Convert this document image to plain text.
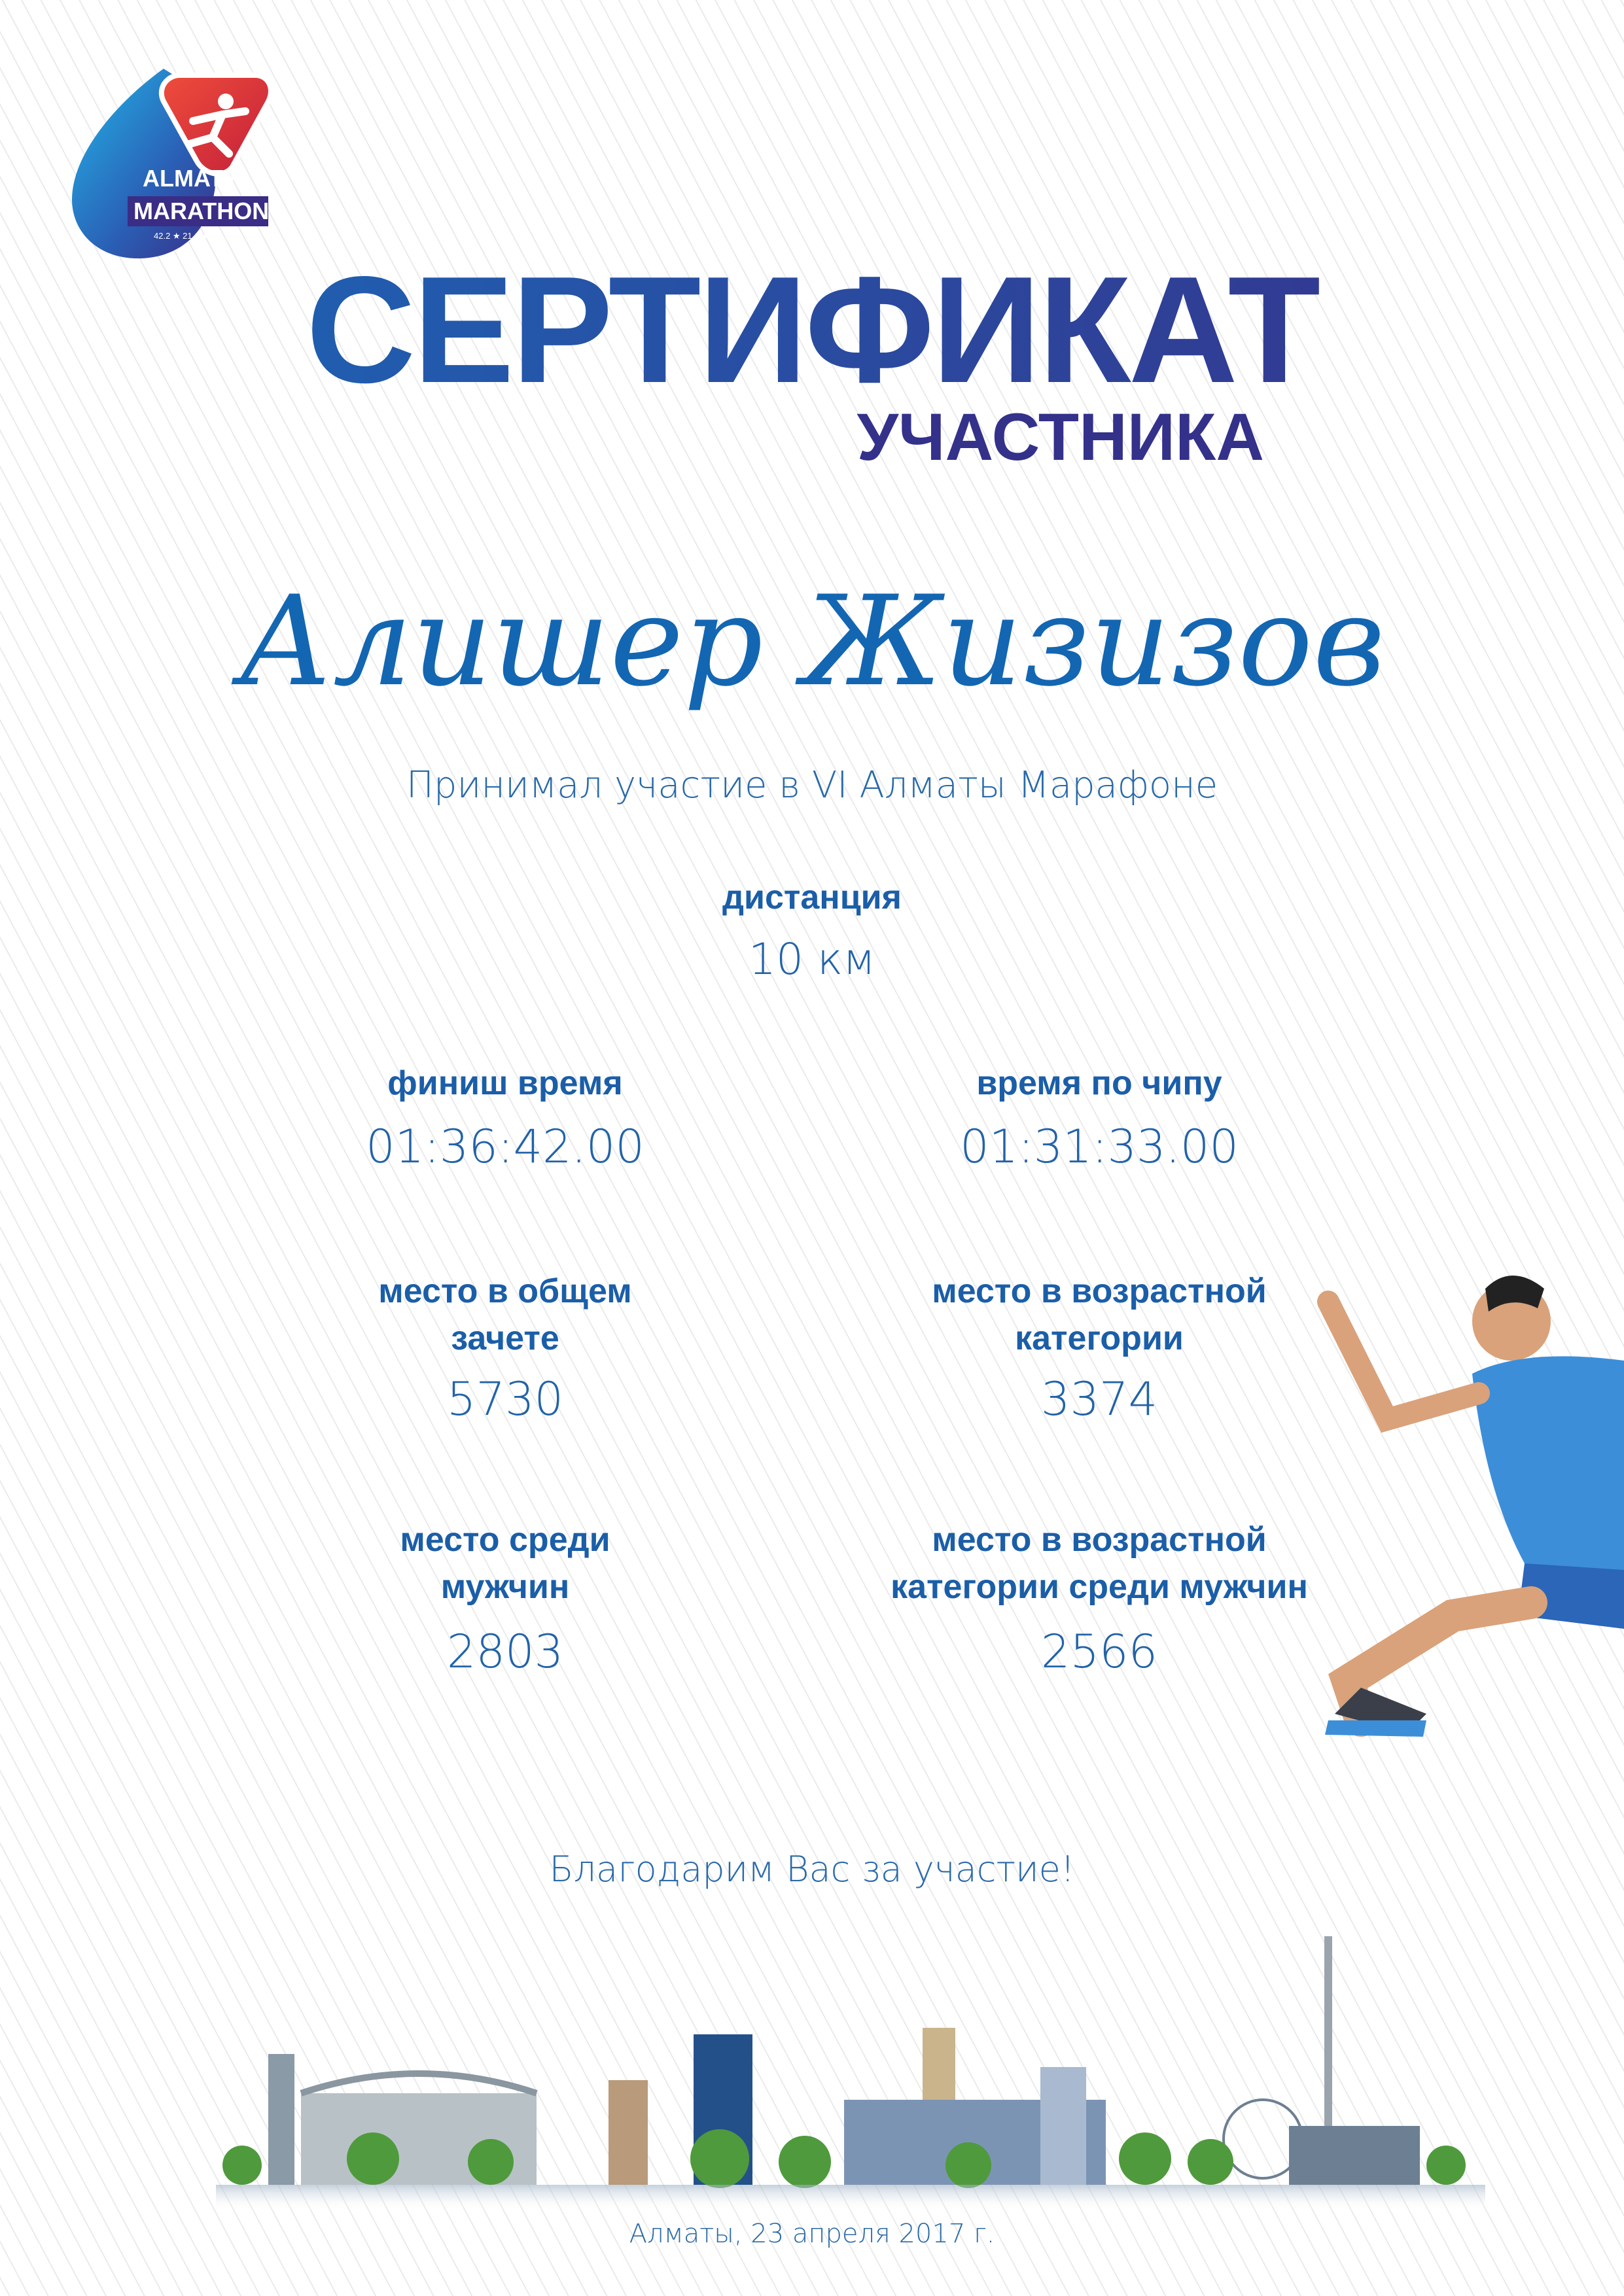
ALMATY
MARATHON
42.2 ★ 21.1 ★ 10 ★ 3
СЕРТИФИКАТ
УЧАСТНИКА
Алишер Жизизов
Принимал участие в VI Алматы Марафоне
дистанция
10 км
финиш время
01:36:42.00
время по чипу
01:31:33.00
место в общем
зачете
5730
место в возрастной
категории
3374
место среди
мужчин
2803
место в возрастной
категории среди мужчин
2566
Благодарим Вас за участие!
Алматы, 23 апреля 2017 г.
